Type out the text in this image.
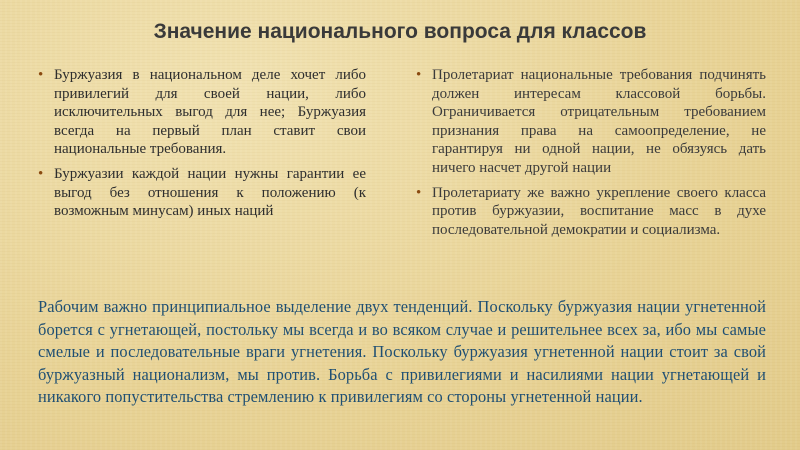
Значение национального вопроса для классов
• Буржуазия в национальном деле хочет либо привилегий для своей нации, либо исключительных выгод для нее; Буржуазия всегда на первый план ставит свои национальные требования.
• Буржуазии каждой нации нужны гарантии ее выгод без отношения к положению (к возможным минусам) иных наций
• Пролетариат национальные требования подчинять должен интересам классовой борьбы. Ограничивается отрицательным требованием признания права на самоопределение, не гарантируя ни одной нации, не обязуясь дать ничего насчет другой нации
• Пролетариату же важно укрепление своего класса против буржуазии, воспитание масс в духе последовательной демократии и социализма.

Рабочим важно принципиальное выделение двух тенденций. Поскольку буржуазия нации угнетенной борется с угнетающей, постольку мы всегда и во всяком случае и решительнее всех за, ибо мы самые смелые и последовательные враги угнетения. Поскольку буржуазия угнетенной нации стоит за свой буржуазный национализм, мы против. Борьба с привилегиями и насилиями нации угнетающей и никакого попустительства стремлению к привилегиям со стороны угнетенной нации.
